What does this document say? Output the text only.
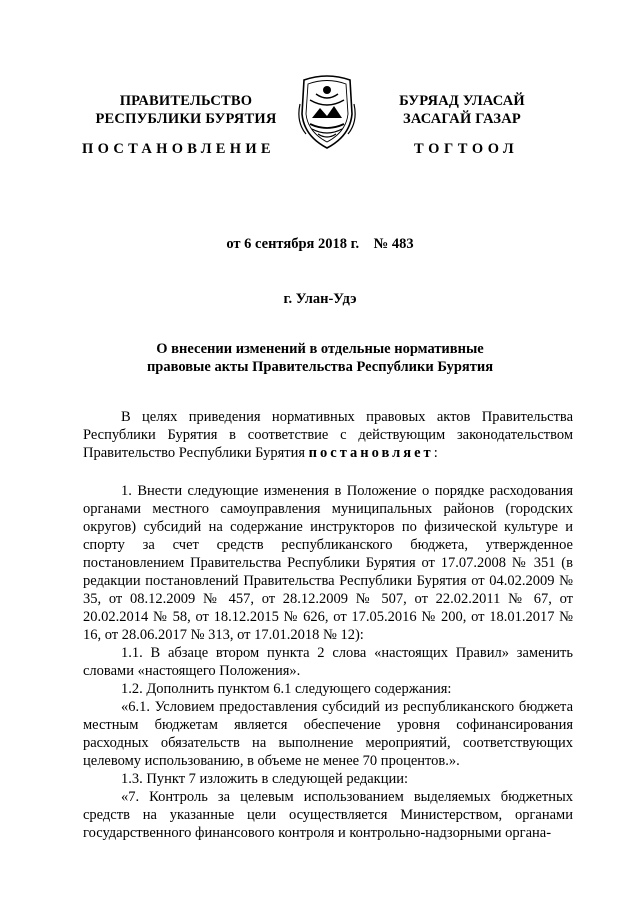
ПРАВИТЕЛЬСТВО
РЕСПУБЛИКИ БУРЯТИЯ
БУРЯАД УЛАСАЙ
ЗАСАГАЙ ГАЗАР
ПОСТАНОВЛЕНИЕ	ТОГТООЛ
от 6 сентября 2018 г.    № 483
г. Улан-Удэ
О внесении изменений в отдельные нормативные
правовые акты Правительства Республики Бурятия

В целях приведения нормативных правовых актов Правительства Республики Бурятия в соответствие с действующим законодательством Правительство Республики Бурятия постановляет:

1. Внести следующие изменения в Положение о порядке расходования органами местного самоуправления муниципальных районов (городских округов) субсидий на содержание инструкторов по физической культуре и спорту за счет средств республиканского бюджета, утвержденное постановлением Правительства Республики Бурятия от 17.07.2008 № 351 (в редакции постановлений Правительства Республики Бурятия от 04.02.2009 № 35, от 08.12.2009 № 457, от 28.12.2009 № 507, от 22.02.2011 № 67, от 20.02.2014 № 58, от 18.12.2015 № 626, от 17.05.2016 № 200, от 18.01.2017 № 16, от 28.06.2017 № 313, от 17.01.2018 № 12):

1.1. В абзаце втором пункта 2 слова «настоящих Правил» заменить словами «настоящего Положения».

1.2. Дополнить пунктом 6.1 следующего содержания:

«6.1. Условием предоставления субсидий из республиканского бюджета местным бюджетам является обеспечение уровня софинансирования расходных обязательств на выполнение мероприятий, соответствующих целевому использованию, в объеме не менее 70 процентов.».

1.3. Пункт 7 изложить в следующей редакции:

«7. Контроль за целевым использованием выделяемых бюджетных средств на указанные цели осуществляется Министерством, органами государственного финансового контроля и контрольно-надзорными органа-
